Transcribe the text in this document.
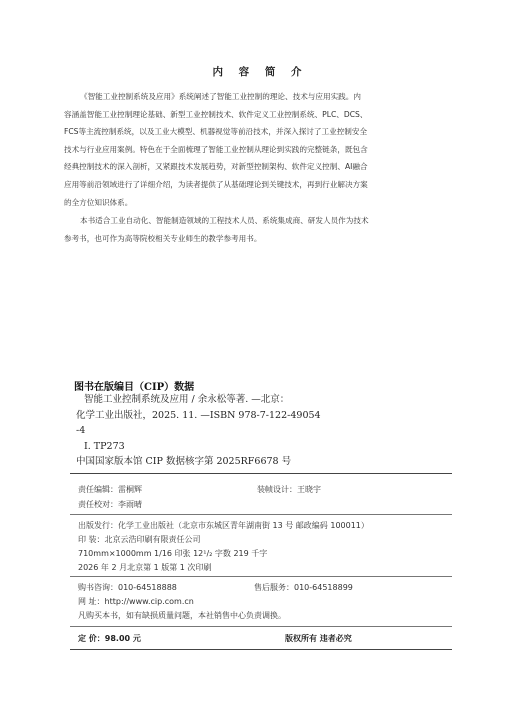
内 容 简 介
《智能工业控制系统及应用》系统阐述了智能工业控制的理论、技术与应用实践。内
容涵盖智能工业控制理论基础、新型工业控制技术、软件定义工业控制系统、PLC、DCS、
FCS等主流控制系统，以及工业大模型、机器视觉等前沿技术，并深入探讨了工业控制安全
技术与行业应用案例。特色在于全面梳理了智能工业控制从理论到实践的完整链条，既包含
经典控制技术的深入剖析，又紧跟技术发展趋势，对新型控制架构、软件定义控制、AI融合
应用等前沿领域进行了详细介绍，为读者提供了从基础理论到关键技术，再到行业解决方案
的全方位知识体系。
本书适合工业自动化、智能制造领域的工程技术人员、系统集成商、研发人员作为技术
参考书，也可作为高等院校相关专业师生的教学参考用书。
图书在版编目（CIP）数据
智能工业控制系统及应用 / 余永松等著. —北京：
化学工业出版社，2025. 11. —ISBN 978-7-122-49054
-4
Ⅰ. TP273
中国国家版本馆 CIP 数据核字第 2025RF6678 号
责任编辑：雷桐辉	装帧设计：王晓宇
责任校对：李雨晴
出版发行：化学工业出版社（北京市东城区青年湖南街 13 号 邮政编码 100011）
印 装：北京云浩印刷有限责任公司
710mm×1000mm 1/16 印张 12¹/₂ 字数 219 千字
2026 年 2 月北京第 1 版第 1 次印刷
购书咨询：010-64518888	售后服务：010-64518899
网 址：http://www.cip.com.cn
凡购买本书，如有缺损质量问题，本社销售中心负责调换。
定 价：98.00 元	版权所有 违者必究
